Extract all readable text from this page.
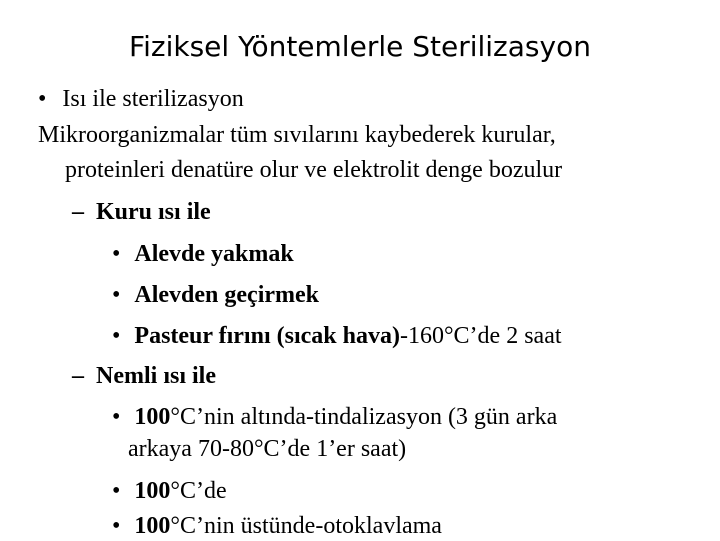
Fiziksel Yöntemlerle Sterilizasyon
• Isı ile sterilizasyon
Mikroorganizmalar tüm sıvılarını kaybederek kurular,
proteinleri denatüre olur ve elektrolit denge bozulur
– Kuru ısı ile
• Alevde yakmak
• Alevden geçirmek
• Pasteur fırını (sıcak hava)-160°C’de 2 saat
– Nemli ısı ile
• 100°C’nin altında-tindalizasyon (3 gün arka
arkaya 70-80°C’de 1’er saat)
• 100°C’de
• 100°C’nin üstünde-otoklavlama
